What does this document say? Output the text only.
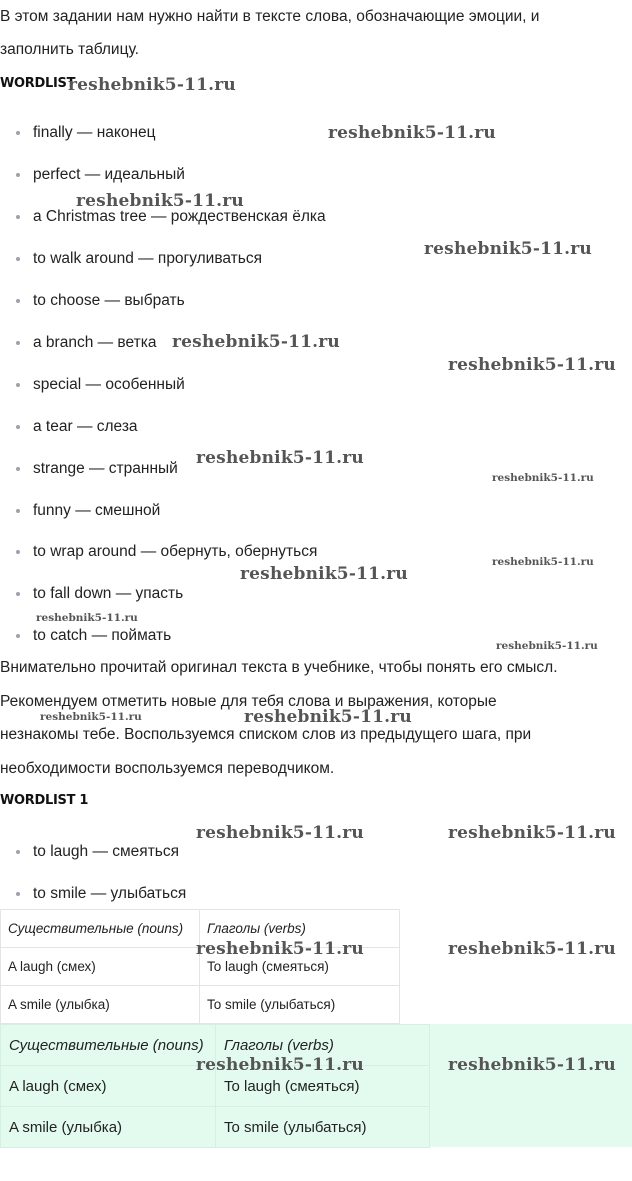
В этом задании нам нужно найти в тексте слова, обозначающие эмоции, и

заполнить таблицу.

WORDLIST
finally — наконец
perfect — идеальный
a Christmas tree — рождественская ёлка
to walk around — прогуливаться
to choose — выбрать
a branch — ветка
special — особенный
a tear — слеза
strange — странный
funny — смешной
to wrap around — обернуть, обернуться
to fall down — упасть
to catch — поймать

Внимательно прочитай оригинал текста в учебнике, чтобы понять его смысл.

Рекомендуем отметить новые для тебя слова и выражения, которые

незнакомы тебе. Воспользуемся списком слов из предыдущего шага, при

необходимости воспользуемся переводчиком.

WORDLIST 1
to laugh — смеяться
to smile — улыбаться
Существительные (nouns)	Глаголы (verbs)
A laugh (смех)	To laugh (смеяться)
A smile (улыбка)	To smile (улыбаться)
Существительные (nouns)	Глаголы (verbs)
A laugh (смех)	To laugh (смеяться)
A smile (улыбка)	To smile (улыбаться)
reshebnik5-11.ru
reshebnik5-11.ru
reshebnik5-11.ru
reshebnik5-11.ru
reshebnik5-11.ru
reshebnik5-11.ru
reshebnik5-11.ru
reshebnik5-11.ru
reshebnik5-11.ru
reshebnik5-11.ru
reshebnik5-11.ru
reshebnik5-11.ru
reshebnik5-11.ru	reshebnik5-11.ru
reshebnik5-11.ru	reshebnik5-11.ru
reshebnik5-11.ru	reshebnik5-11.ru
reshebnik5-11.ru	reshebnik5-11.ru
